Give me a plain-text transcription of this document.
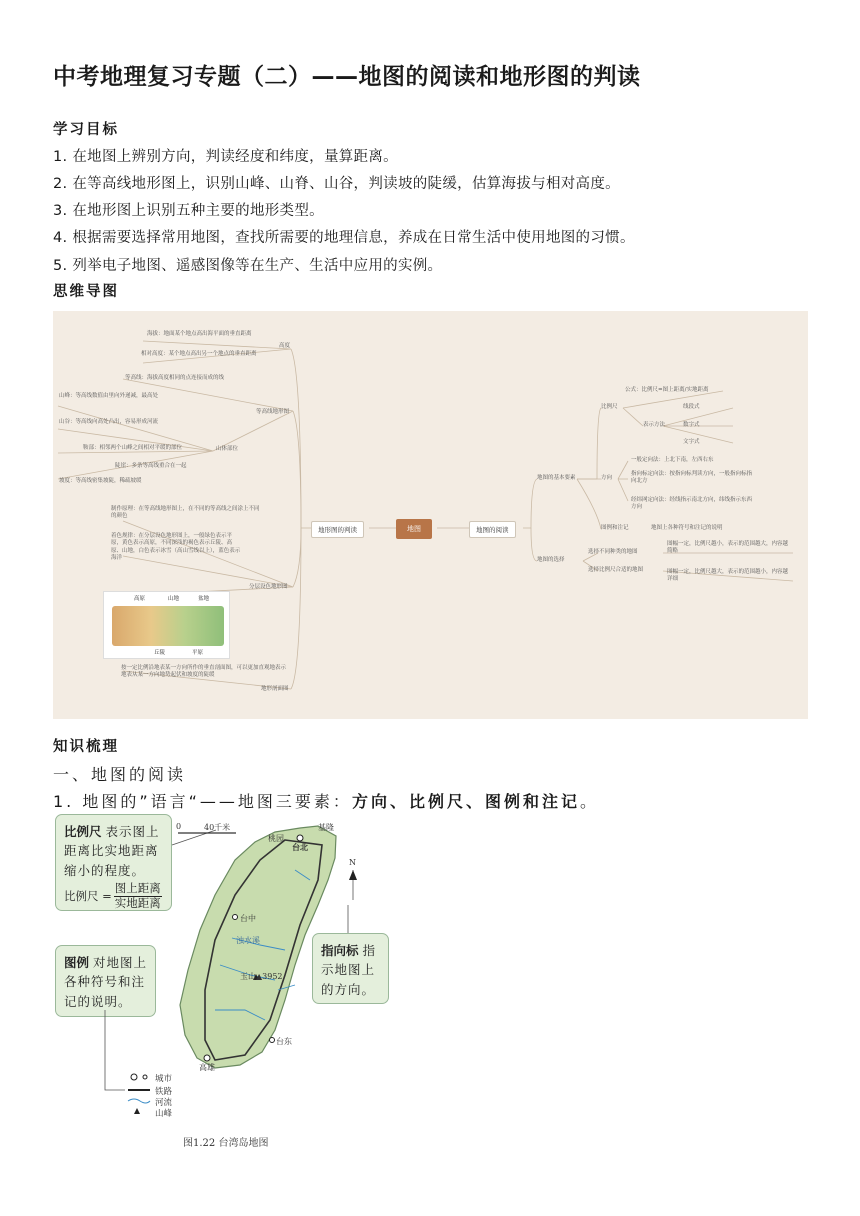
中考地理复习专题（二）——地图的阅读和地形图的判读
学习目标
1. 在地图上辨别方向，判读经度和纬度，量算距离。
2. 在等高线地形图上，识别山峰、山脊、山谷，判读坡的陡缓，估算海拔与相对高度。
3. 在地形图上识别五种主要的地形类型。
4. 根据需要选择常用地图，查找所需要的地理信息，养成在日常生活中使用地图的习惯。
5. 列举电子地图、遥感图像等在生产、生活中应用的实例。
思维导图
地图
地形图的判读	地图的阅读
高度
海拔：地面某个地点高出海平面的垂直距离
相对高度：某个地点高出另一个地点的垂直距离
等高线：海拔高度相同的点连接而成的线
等高线地形图
山峰：等高线数值由里向外递减，最高处
山谷：等高线向高处凸出，容易形成河流
鞍部：相邻两个山峰之间相对平缓的部位	山体部位
陡崖：多条等高线重合在一起
坡度：等高线密集坡陡，稀疏坡缓
制作原理：在等高线地形图上，在不同的等高线之间涂上不同的颜色
着色规律：在分层设色地形图上，一般绿色表示平原，黄色表示高原，不同深浅的褐色表示丘陵、高原、山地，白色表示冰雪（高山雪线以上），蓝色表示海洋
分层设色地形图
高原	山地	盆地
丘陵	平原
按一定比例沿地表某一方向所作的垂直剖面图，可以更加直观地表示地表从某一方向地势起伏和坡度的陡缓
地形剖面图
地图的基本要素
比例尺
公式：比例尺=图上距离/实地距离
表示方法
线段式
数字式
文字式
方向
一般定向法：上北下南，左西右东
指向标定向法：按指向标判读方向，一般指向标指向北方
经纬网定向法：经线指示南北方向，纬线指示东西方向
图例和注记	地图上各种符号和注记的说明
地图的选择
选择不同种类的地图
选择比例尺合适的地图
图幅一定，比例尺越小，表示的范围越大，内容越简略
图幅一定，比例尺越大，表示的范围越小，内容越详细
知识梳理
一、地图的阅读
1. 地图的”语言“——地图三要素：方向、比例尺、图例和注记。
比例尺 表示图上距离比实地距离缩小的程度。
比例尺 =
图上距离
实地距离
图例 对地图上各种符号和注记的说明。
指向标 指示地图上的方向。
0	40千米
N
基隆
台北
桃园
台中
浊水溪
玉山▲3952
台东
高雄
城市
铁路
河流
山峰
图1.22 台湾岛地图
